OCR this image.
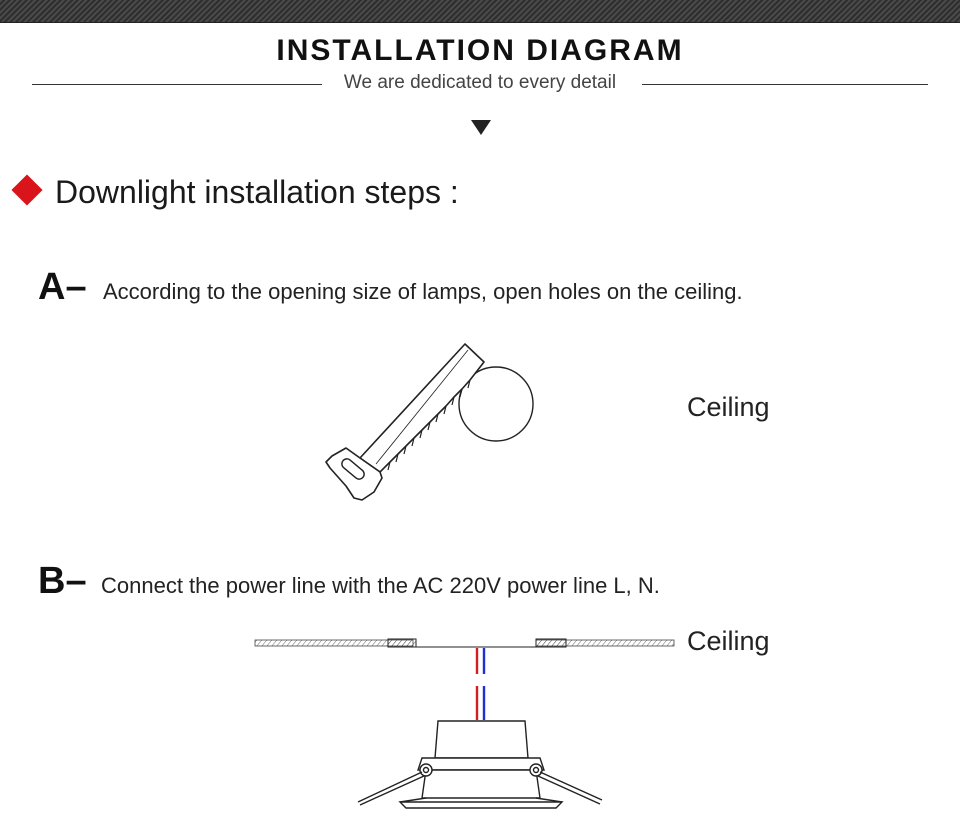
INSTALLATION DIAGRAM
We are dedicated to every detail
Downlight installation steps :
A– According to the opening size of lamps, open holes on the ceiling.
Ceiling
B– Connect the power line with the AC 220V power line L, N.
Ceiling
